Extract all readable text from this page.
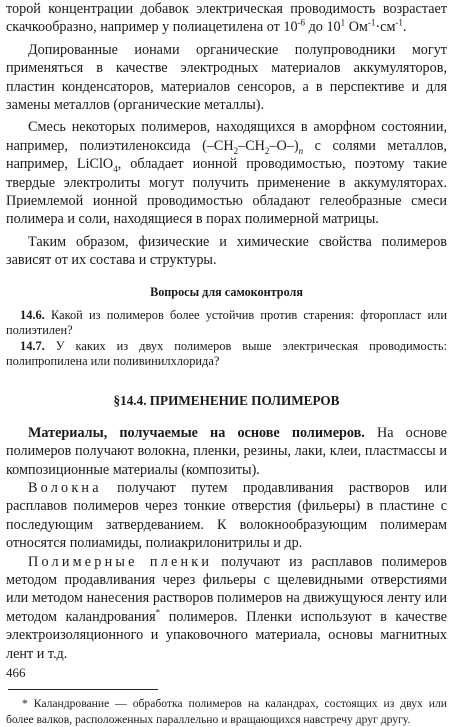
торой концентрации добавок электрическая проводимость возрастает скачкообразно, например у полиацетилена от $10^{-6}$ до $10^1$ $Ом^{-1}\cdot см^{-1}$.

Допированные ионами органические полупроводники могут применяться в качестве электродных материалов аккумуляторов, пластин конденсаторов, материалов сенсоров, а в перспективе и для замены металлов (органические металлы).

Смесь некоторых полимеров, находящихся в аморфном состоянии, например, полиэтиленоксида $(-CH_2-CH_2-O-)_n$ с солями металлов, например, LiClO$_4$, обладает ионной проводимостью, поэтому такие твердые электролиты могут получить применение в аккумуляторах. Приемлемой ионной проводимостью обладают гелеобразные смеси полимера и соли, находящиеся в порах полимерной матрицы.

Таким образом, физические и химические свойства полимеров зависят от их состава и структуры.

Вопросы для самоконтроля

14.6. Какой из полимеров более устойчив против старения: фторопласт или полиэтилен?

14.7. У каких из двух полимеров выше электрическая проводимость: полипропилена или поливинилхлорида?

§14.4. ПРИМЕНЕНИЕ ПОЛИМЕРОВ

Материалы, получаемые на основе полимеров. На основе полимеров получают волокна, пленки, резины, лаки, клеи, пластмассы и композиционные материалы (композиты).

Волокна получают путем продавливания растворов или расплавов полимеров через тонкие отверстия (фильеры) в пластине с последующим затвердеванием. К волокнообразующим полимерам относятся полиамиды, полиакрилонитрилы и др.

Полимерные пленки получают из расплавов полимеров методом продавливания через фильеры с щелевидными отверстиями или методом нанесения растворов полимеров на движущуюся ленту или методом каландрования* полимеров. Пленки используют в качестве электроизоляционного и упаковочного материала, основы магнитных лент и т.д.

* Каландрование — обработка полимеров на каландрах, состоящих из двух или более валков, расположенных параллельно и вращающихся навстречу друг другу.

466
